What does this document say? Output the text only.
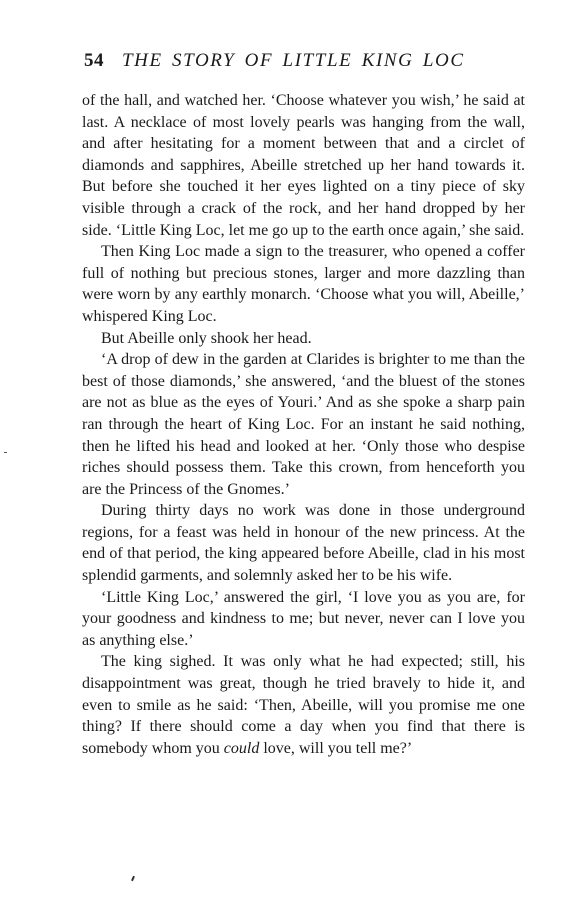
54 THE STORY OF LITTLE KING LOC

of the hall, and watched her. ‘Choose whatever you wish,’ he said at last. A necklace of most lovely pearls was hanging from the wall, and after hesitating for a moment between that and a circlet of diamonds and sapphires, Abeille stretched up her hand towards it. But before she touched it her eyes lighted on a tiny piece of sky visible through a crack of the rock, and her hand dropped by her side. ‘Little King Loc, let me go up to the earth once again,’ she said.

Then King Loc made a sign to the treasurer, who opened a coffer full of nothing but precious stones, larger and more dazzling than were worn by any earthly monarch. ‘Choose what you will, Abeille,’ whispered King Loc.

But Abeille only shook her head.

‘A drop of dew in the garden at Clarides is brighter to me than the best of those diamonds,’ she answered, ‘and the bluest of the stones are not as blue as the eyes of Youri.’ And as she spoke a sharp pain ran through the heart of King Loc. For an instant he said nothing, then he lifted his head and looked at her. ‘Only those who despise riches should possess them. Take this crown, from henceforth you are the Princess of the Gnomes.’

During thirty days no work was done in those underground regions, for a feast was held in honour of the new princess. At the end of that period, the king appeared before Abeille, clad in his most splendid garments, and solemnly asked her to be his wife.

‘Little King Loc,’ answered the girl, ‘I love you as you are, for your goodness and kindness to me; but never, never can I love you as anything else.’

The king sighed. It was only what he had expected; still, his disappointment was great, though he tried bravely to hide it, and even to smile as he said: ‘Then, Abeille, will you promise me one thing? If there should come a day when you find that there is somebody whom you could love, will you tell me?’
